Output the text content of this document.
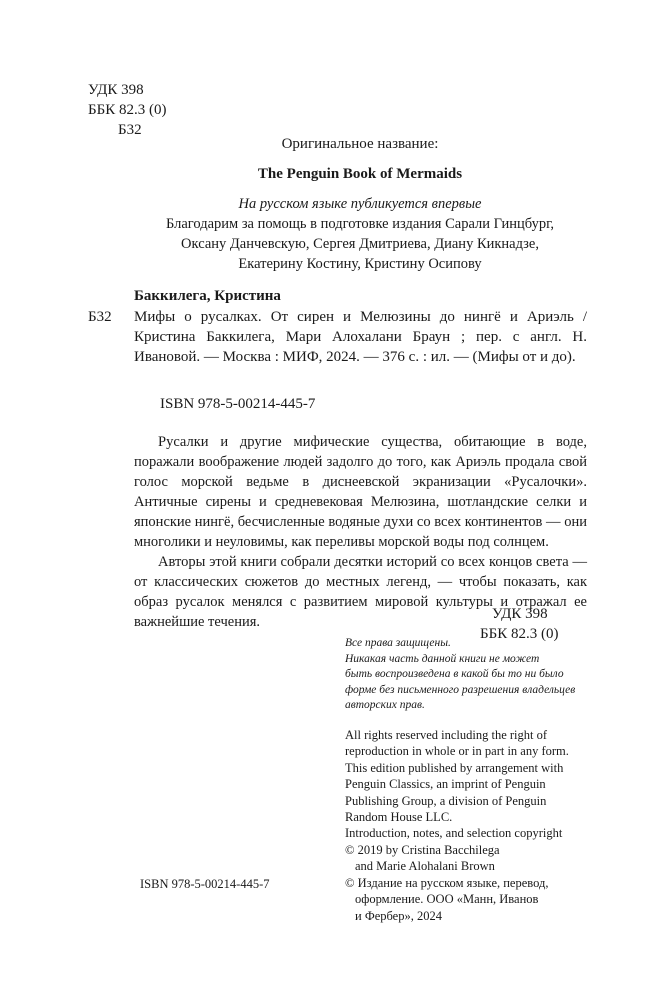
УДК 398
ББК 82.3 (0)
Б32
Оригинальное название:
The Penguin Book of Mermaids
На русском языке публикуется впервые
Благодарим за помощь в подготовке издания Сарали Гинцбург,
Оксану Данчевскую, Сергея Дмитриева, Диану Кикнадзе,
Екатерину Костину, Кристину Осипову
Баккилега, Кристина
Б32 Мифы о русалках. От сирен и Мелюзины до нингё и Ариэль / Кристина Баккилега, Мари Алохалани Браун ; пер. с англ. Н. Ивановой. — Москва : МИФ, 2024. — 376 с. : ил. — (Мифы от и до).
ISBN 978-5-00214-445-7
Русалки и другие мифические существа, обитающие в воде, поражали воображение людей задолго до того, как Ариэль продала свой голос морской ведьме в диснеевской экранизации «Русалочки». Античные сирены и средневековая Мелюзина, шотландские селки и японские нингё, бесчисленные водяные духи со всех континентов — они многолики и неуловимы, как переливы морской воды под солнцем.
Авторы этой книги собрали десятки историй со всех концов света — от классических сюжетов до местных легенд, — чтобы показать, как образ русалок менялся с развитием мировой культуры и отражал ее важнейшие течения.	УДК 398
ББК 82.3 (0)
Все права защищены.
Никакая часть данной книги не может
быть воспроизведена в какой бы то ни было
форме без письменного разрешения владельцев
авторских прав.
All rights reserved including the right of
reproduction in whole or in part in any form.
This edition published by arrangement with
Penguin Classics, an imprint of Penguin
Publishing Group, a division of Penguin
Random House LLC.
Introduction, notes, and selection copyright
© 2019 by Cristina Bacchilega
and Marie Alohalani Brown
© Издание на русском языке, перевод,
оформление. ООО «Манн, Иванов
и Фербер», 2024
ISBN 978-5-00214-445-7
